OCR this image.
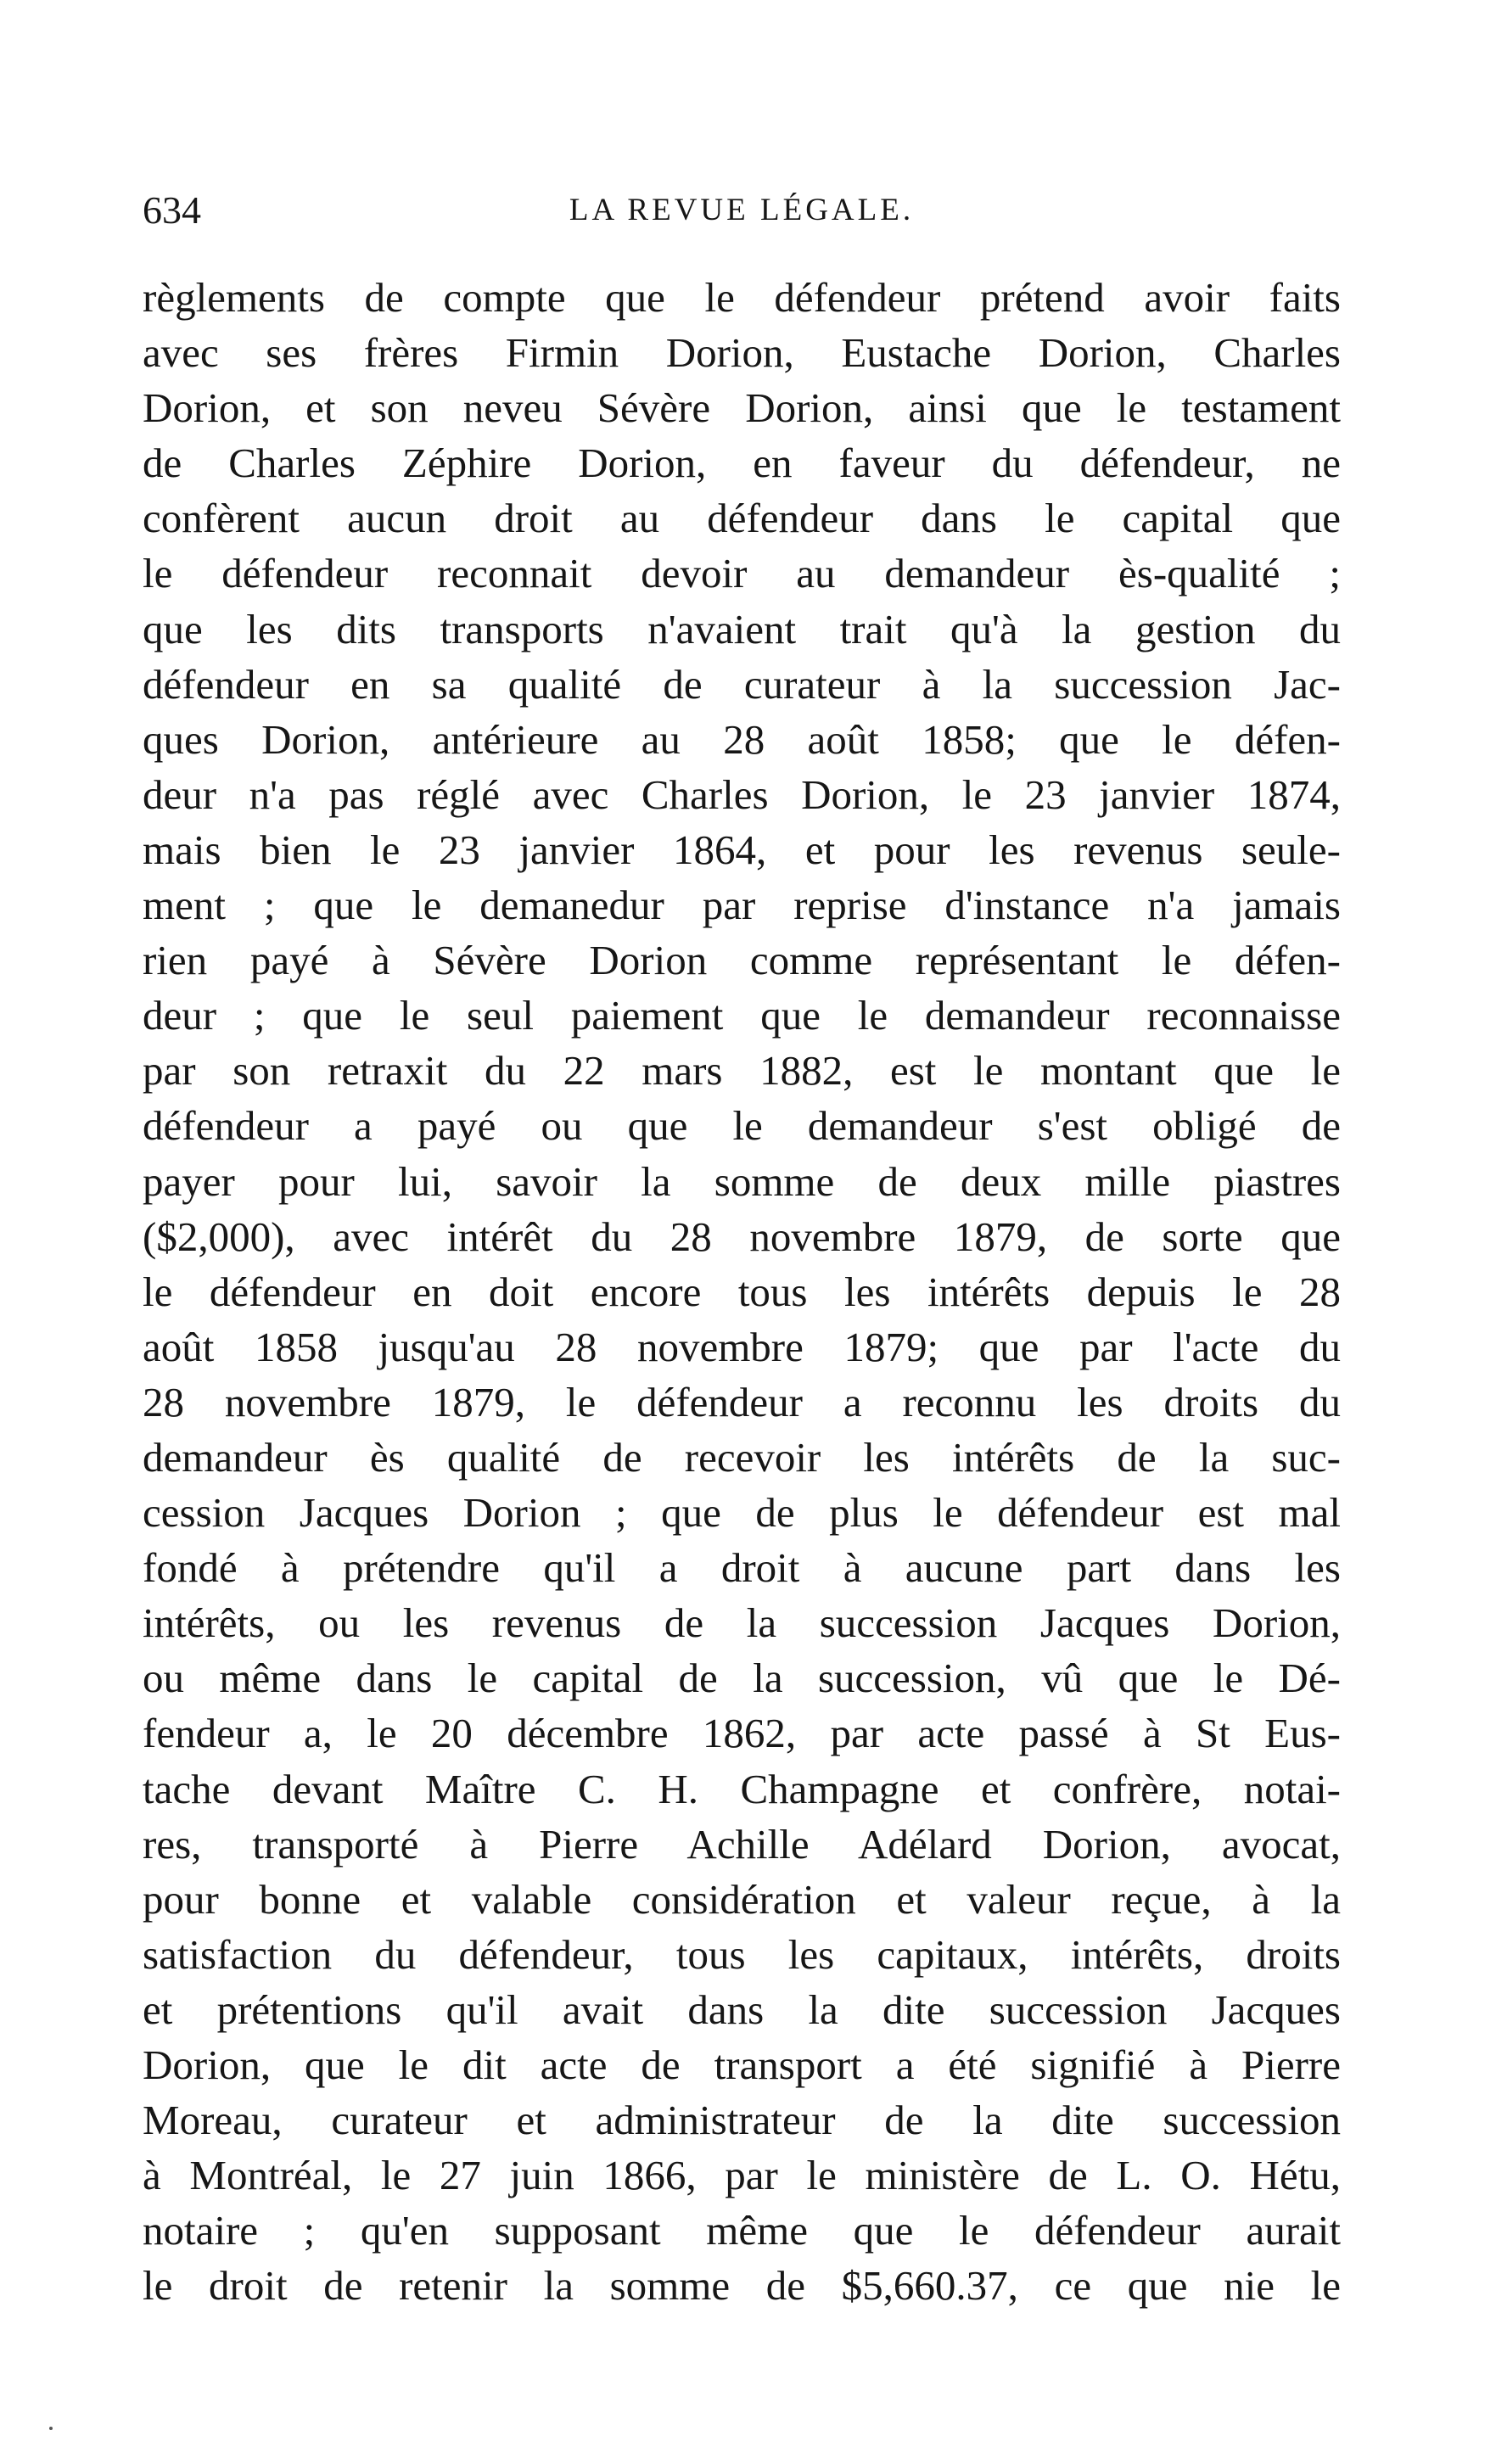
634	LA REVUE LÉGALE.
règlements de compte que le défendeur prétend avoir faits
avec ses frères Firmin Dorion, Eustache Dorion, Charles
Dorion, et son neveu Sévère Dorion, ainsi que le testament
de Charles Zéphire Dorion, en faveur du défendeur, ne
confèrent aucun droit au défendeur dans le capital que
le défendeur reconnait devoir au demandeur ès-qualité ;
que les dits transports n'avaient trait qu'à la gestion du
défendeur en sa qualité de curateur à la succession Jac-
ques Dorion, antérieure au 28 août 1858; que le défen-
deur n'a pas réglé avec Charles Dorion, le 23 janvier 1874,
mais bien le 23 janvier 1864, et pour les revenus seule-
ment ; que le demanedur par reprise d'instance n'a jamais
rien payé à Sévère Dorion comme représentant le défen-
deur ; que le seul paiement que le demandeur reconnaisse
par son retraxit du 22 mars 1882, est le montant que le
défendeur a payé ou que le demandeur s'est obligé de
payer pour lui, savoir la somme de deux mille piastres
($2,000), avec intérêt du 28 novembre 1879, de sorte que
le défendeur en doit encore tous les intérêts depuis le 28
août 1858 jusqu'au 28 novembre 1879; que par l'acte du
28 novembre 1879, le défendeur a reconnu les droits du
demandeur ès qualité de recevoir les intérêts de la suc-
cession Jacques Dorion ; que de plus le défendeur est mal
fondé à prétendre qu'il a droit à aucune part dans les
intérêts, ou les revenus de la succession Jacques Dorion,
ou même dans le capital de la succession, vû que le Dé-
fendeur a, le 20 décembre 1862, par acte passé à St Eus-
tache devant Maître C. H. Champagne et confrère, notai-
res, transporté à Pierre Achille Adélard Dorion, avocat,
pour bonne et valable considération et valeur reçue, à la
satisfaction du défendeur, tous les capitaux, intérêts, droits
et prétentions qu'il avait dans la dite succession Jacques
Dorion, que le dit acte de transport a été signifié à Pierre
Moreau, curateur et administrateur de la dite succession
à Montréal, le 27 juin 1866, par le ministère de L. O. Hétu,
notaire ; qu'en supposant même que le défendeur aurait
le droit de retenir la somme de $5,660.37, ce que nie le
